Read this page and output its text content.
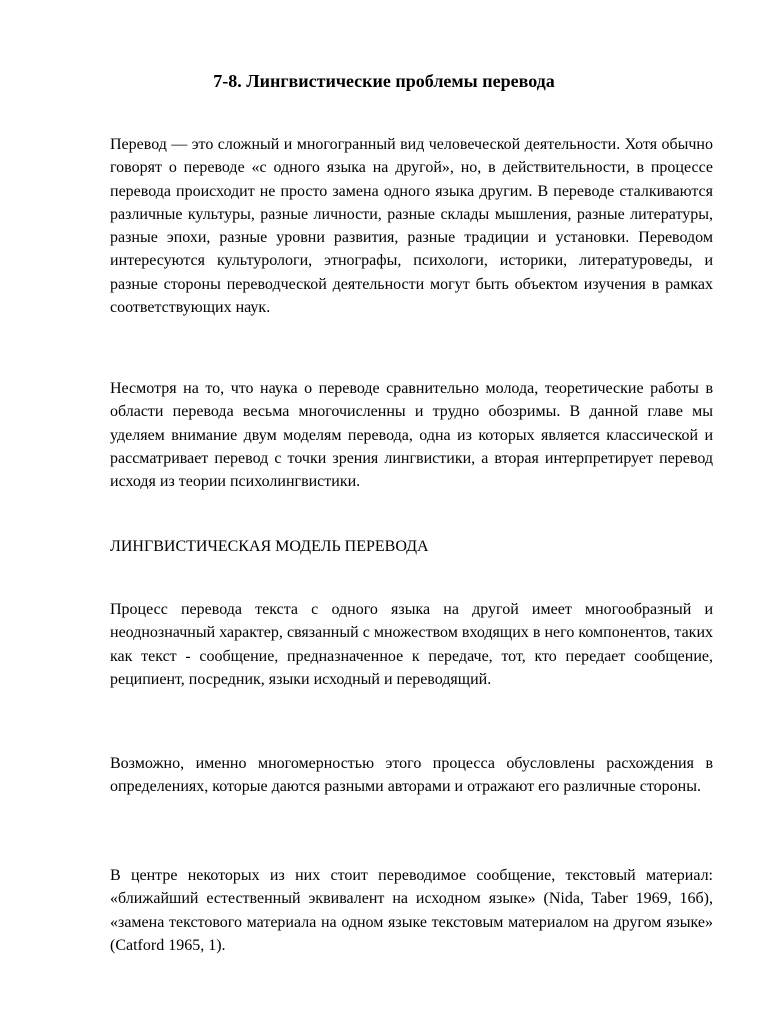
7-8. Лингвистические проблемы перевода

Перевод — это сложный и многогранный вид человеческой деятельности. Хотя обычно говорят о переводе «с одного языка на другой», но, в действительности, в процессе перевода происходит не просто замена одного языка другим. В переводе сталкиваются различные культуры, разные личности, разные склады мышления, разные литературы, разные эпохи, разные уровни развития, разные традиции и установки. Переводом интересуются культурологи, этнографы, психологи, историки, литературоведы, и разные стороны переводческой деятельности могут быть объектом изучения в рамках соответствующих наук.

Несмотря на то, что наука о переводе сравнительно молода, теоретические работы в области перевода весьма многочисленны и трудно обозримы. В данной главе мы уделяем внимание двум моделям перевода, одна из которых является классической и рассматривает перевод с точки зрения лингвистики, а вторая интерпретирует перевод исходя из теории психолингвистики.

ЛИНГВИСТИЧЕСКАЯ МОДЕЛЬ ПЕРЕВОДА

Процесс перевода текста с одного языка на другой имеет многообразный и неоднозначный характер, связанный с множеством входящих в него компонентов, таких как текст - сообщение, предназначенное к передаче, тот, кто передает сообщение, реципиент, посредник, языки исходный и переводящий.

Возможно, именно многомерностью этого процесса обусловлены расхождения в определениях, которые даются разными авторами и отражают его различные стороны.

В центре некоторых из них стоит переводимое сообщение, текстовый материал: «ближайший естественный эквивалент на исходном языке» (Nida, Taber 1969, 16б), «замена текстового материала на одном языке текстовым материалом на другом языке» (Catford 1965, 1).
